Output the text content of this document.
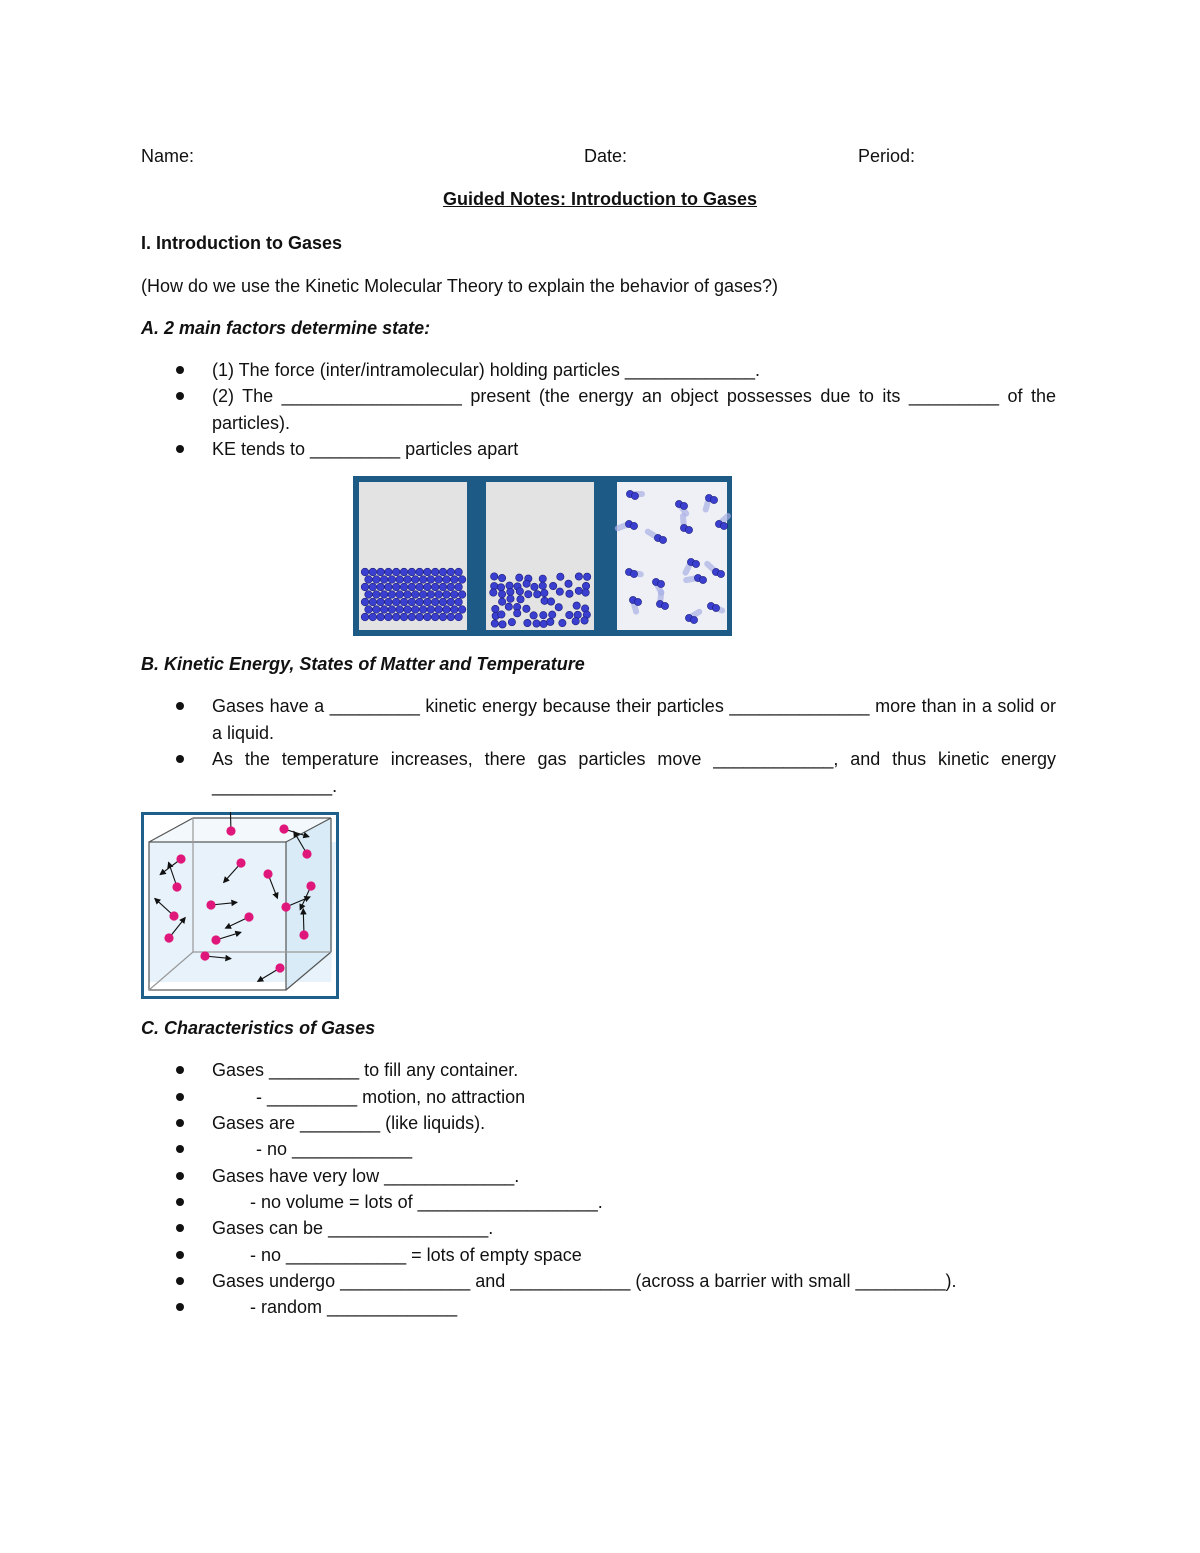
Name:	Date:	Period:
Guided Notes: Introduction to Gases
I. Introduction to Gases
(How do we use the Kinetic Molecular Theory to explain the behavior of gases?)
A. 2 main factors determine state:
(1) The force (inter/intramolecular) holding particles _____________.
(2) The __________________ present (the energy an object possesses due to its _________ of the particles).
KE tends to _________ particles apart
B. Kinetic Energy, States of Matter and Temperature
Gases have a _________ kinetic energy because their particles ______________ more than in a solid or a liquid.
As the temperature increases, there gas particles move ____________, and thus kinetic energy ____________.
C. Characteristics of Gases
Gases _________ to fill any container.
- _________ motion, no attraction
Gases are ________ (like liquids).
- no ____________
Gases have very low _____________.
- no volume = lots of __________________.
Gases can be ________________.
- no ____________ = lots of empty space
Gases undergo _____________ and ____________ (across a barrier with small _________).
- random _____________
